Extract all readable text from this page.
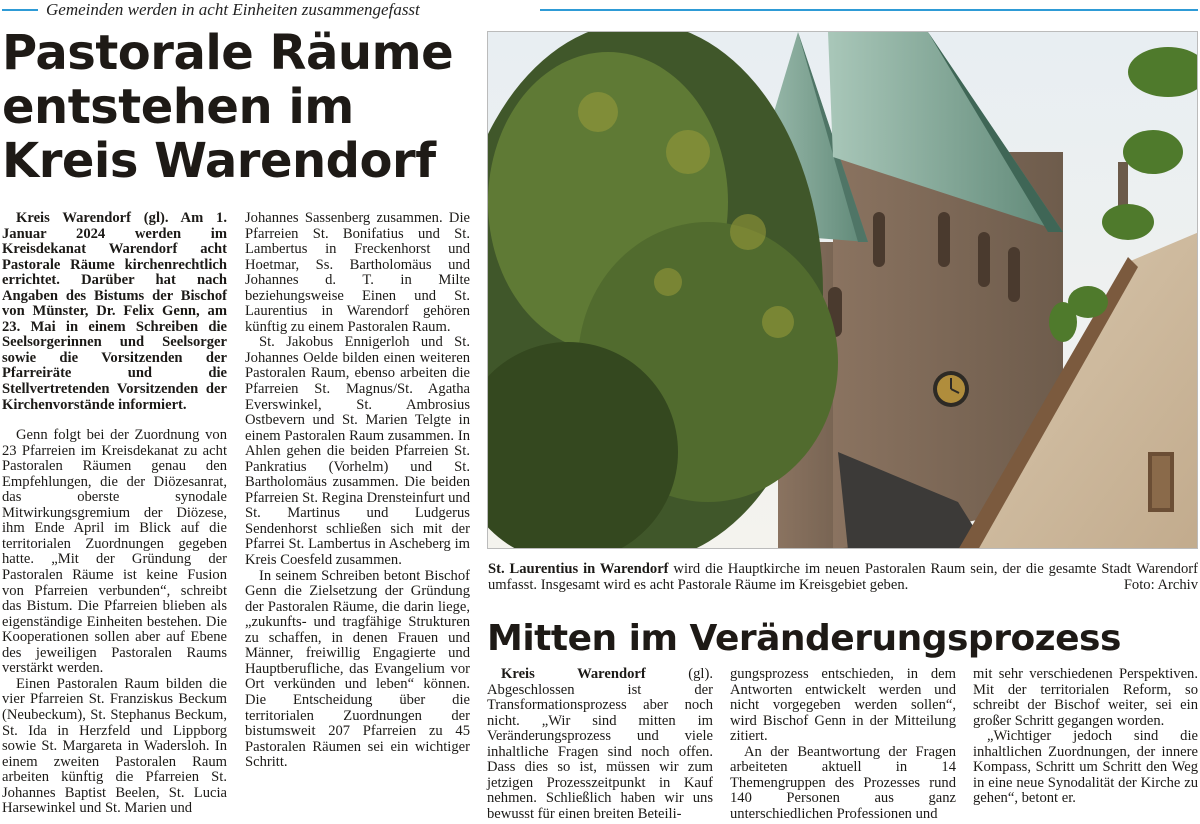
Gemeinden werden in acht Einheiten zusammengefasst
Pastorale Räume
entstehen im
Kreis Warendorf

Kreis Warendorf (gl). Am 1. Januar 2024 werden im Kreisdekanat Warendorf acht Pastorale Räume kirchenrechtlich errichtet. Darüber hat nach Angaben des Bistums der Bischof von Münster, Dr. Felix Genn, am 23. Mai in einem Schreiben die Seelsorgerinnen und Seelsorger sowie die Vorsitzenden der Pfarreiräte und die Stellvertretenden Vorsitzenden der Kirchenvorstände informiert.

Genn folgt bei der Zuordnung von 23 Pfarreien im Kreisdekanat zu acht Pastoralen Räumen genau den Empfehlungen, die der Diözesanrat, das oberste synodale Mitwirkungsgremium der Diözese, ihm Ende April im Blick auf die territorialen Zuordnungen gegeben hatte. „Mit der Gründung der Pastoralen Räume ist keine Fusion von Pfarreien verbunden“, schreibt das Bistum. Die Pfarreien blieben als eigenständige Einheiten bestehen. Die Kooperationen sollen aber auf Ebene des jeweiligen Pastoralen Raums verstärkt werden.

Einen Pastoralen Raum bilden die vier Pfarreien St. Franziskus Beckum (Neubeckum), St. Stephanus Beckum, St. Ida in Herzfeld und Lippborg sowie St. Margareta in Wadersloh. In einem zweiten Pastoralen Raum arbeiten künftig die Pfarreien St. Johannes Baptist Beelen, St. Lucia Harsewinkel und St. Marien und

Johannes Sassenberg zusammen. Die Pfarreien St. Bonifatius und St. Lambertus in Freckenhorst und Hoetmar, Ss. Bartholomäus und Johannes d. T. in Milte beziehungsweise Einen und St. Laurentius in Warendorf gehören künftig zu einem Pastoralen Raum.

St. Jakobus Ennigerloh und St. Johannes Oelde bilden einen weiteren Pastoralen Raum, ebenso arbeiten die Pfarreien St. Magnus/St. Agatha Everswinkel, St. Ambrosius Ostbevern und St. Marien Telgte in einem Pastoralen Raum zusammen. In Ahlen gehen die beiden Pfarreien St. Pankratius (Vorhelm) und St. Bartholomäus zusammen. Die beiden Pfarreien St. Regina Drensteinfurt und St. Martinus und Ludgerus Sendenhorst schließen sich mit der Pfarrei St. Lambertus in Ascheberg im Kreis Coesfeld zusammen.

In seinem Schreiben betont Bischof Genn die Zielsetzung der Gründung der Pastoralen Räume, die darin liege, „zukunfts- und tragfähige Strukturen zu schaffen, in denen Frauen und Männer, freiwillig Engagierte und Hauptberufliche, das Evangelium vor Ort verkünden und leben“ können. Die Entscheidung über die territorialen Zuordnungen der bistumsweit 207 Pfarreien zu 45 Pastoralen Räumen sei ein wichtiger Schritt.

St. Laurentius in Warendorf wird die Hauptkirche im neuen Pastoralen Raum sein, der die gesamte Stadt Warendorf umfasst. Insgesamt wird es acht Pastorale Räume im Kreisgebiet geben.	Foto: Archiv
Mitten im Veränderungsprozess

Kreis Warendorf (gl). Abgeschlossen ist der Transformationsprozess aber noch nicht. „Wir sind mitten im Veränderungsprozess und viele inhaltliche Fragen sind noch offen. Dass dies so ist, müssen wir zum jetzigen Prozesszeitpunkt in Kauf nehmen. Schließlich haben wir uns bewusst für einen breiten Beteili-

gungsprozess entschieden, in dem Antworten entwickelt werden und nicht vorgegeben werden sollen“, wird Bischof Genn in der Mitteilung zitiert.

An der Beantwortung der Fragen arbeiteten aktuell in 14 Themengruppen des Prozesses rund 140 Personen aus ganz unterschiedlichen Professionen und

mit sehr verschiedenen Perspektiven. Mit der territorialen Reform, so schreibt der Bischof weiter, sei ein großer Schritt gegangen worden.

„Wichtiger jedoch sind die inhaltlichen Zuordnungen, der innere Kompass, Schritt um Schritt den Weg in eine neue Synodalität der Kirche zu gehen“, betont er.
